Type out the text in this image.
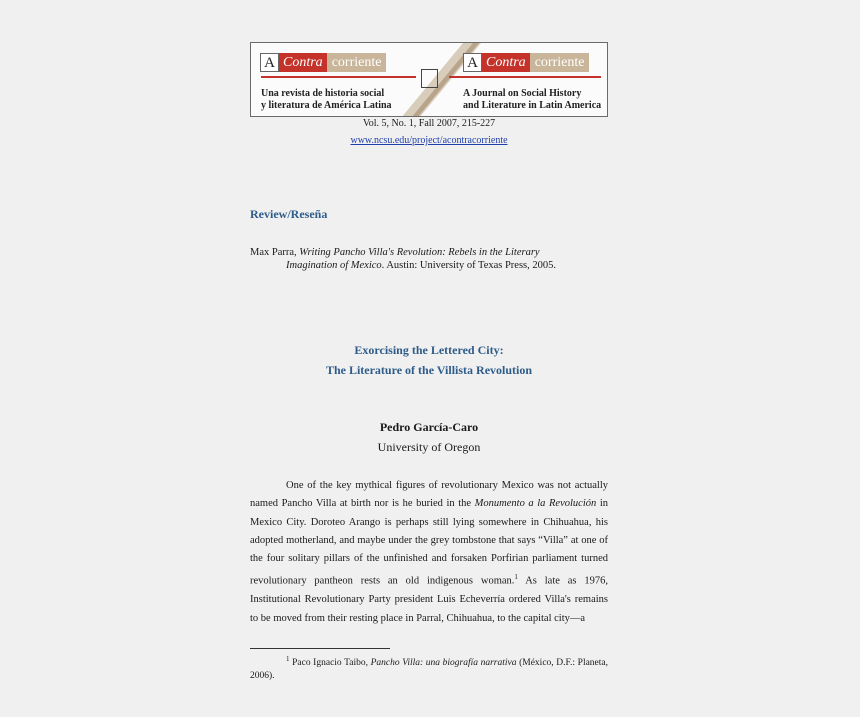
A Contra corriente	A Contra corriente
Una revista de historia social
y literatura de América Latina
A Journal on Social History
and Literature in Latin America
Vol. 5, No. 1, Fall 2007, 215-227
www.ncsu.edu/project/acontracorriente
Review/Reseña
Max Parra, Writing Pancho Villa's Revolution: Rebels in the Literary
Imagination of Mexico. Austin: University of Texas Press, 2005.
Exorcising the Lettered City:
The Literature of the Villista Revolution
Pedro García-Caro
University of Oregon

One of the key mythical figures of revolutionary Mexico was not actually named Pancho Villa at birth nor is he buried in the Monumento a la Revolución in Mexico City. Doroteo Arango is perhaps still lying somewhere in Chihuahua, his adopted motherland, and maybe under the grey tombstone that says “Villa” at one of the four solitary pillars of the unfinished and forsaken Porfirian parliament turned revolutionary pantheon rests an old indigenous woman.$^1$ As late as 1976, Institutional Revolutionary Party president Luis Echeverría ordered Villa's remains to be moved from their resting place in Parral, Chihuahua, to the capital city—a

$^1$ Paco Ignacio Taibo, Pancho Villa: una biografía narrativa (México, D.F.: Planeta, 2006).
